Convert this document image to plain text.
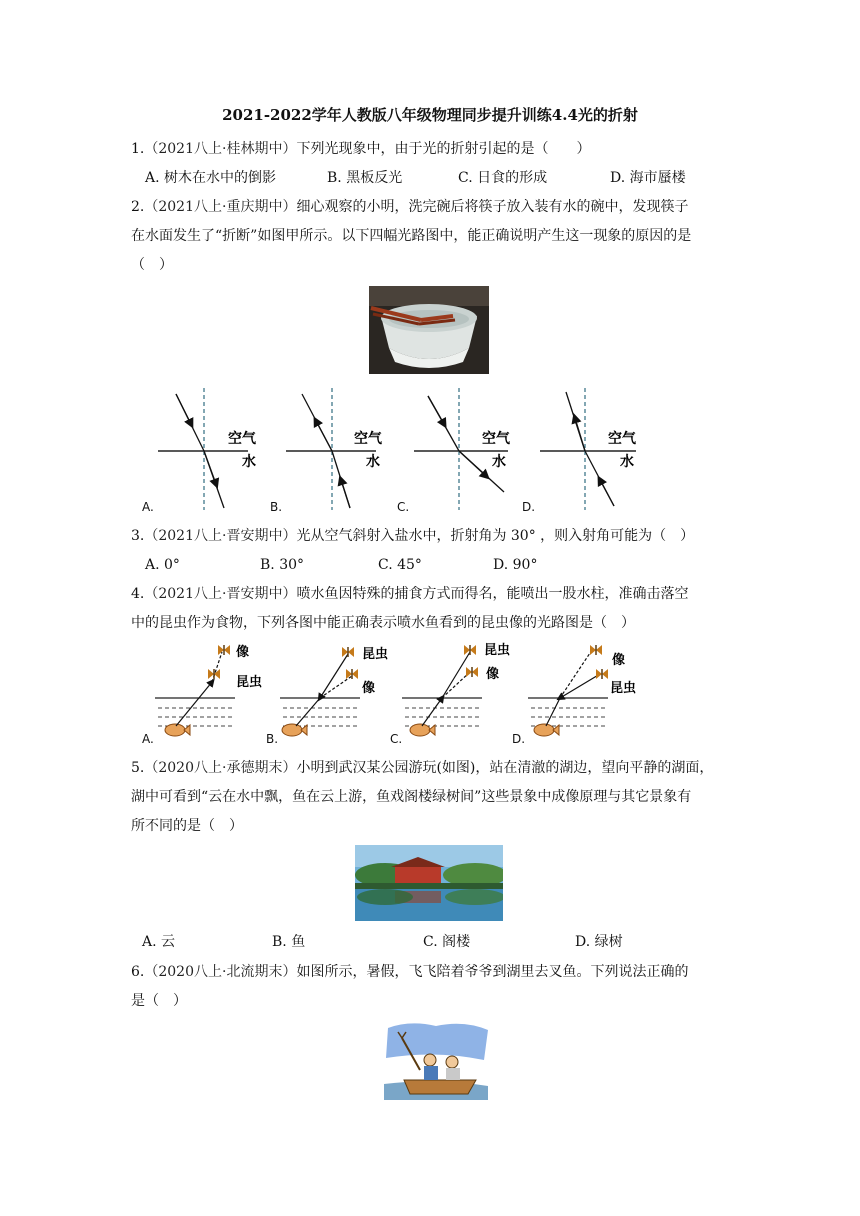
2021-2022学年人教版八年级物理同步提升训练4.4光的折射
1.（2021八上·桂林期中）下列光现象中，由于光的折射引起的是（　　）
A. 树木在水中的倒影	B. 黑板反光	C. 日食的形成	D. 海市蜃楼
2.（2021八上·重庆期中）细心观察的小明，洗完碗后将筷子放入装有水的碗中，发现筷子
在水面发生了“折断”如图甲所示。以下四幅光路图中，能正确说明产生这一现象的原因的是
（　）
空气
水
空气
水
空气
水
空气
水
A.	B.	C.	D.
3.（2021八上·晋安期中）光从空气斜射入盐水中，折射角为 30° ，则入射角可能为（　）
A. 0°	B. 30°	C. 45°	D. 90°
4.（2021八上·晋安期中）喷水鱼因特殊的捕食方式而得名，能喷出一股水柱，准确击落空
中的昆虫作为食物，下列各图中能正确表示喷水鱼看到的昆虫像的光路图是（　）
像
昆虫
昆虫
像
昆虫
像
像
昆虫
A.	B.	C.	D.
5.（2020八上·承德期末）小明到武汉某公园游玩(如图)，站在清澈的湖边，望向平静的湖面，
湖中可看到“云在水中飘，鱼在云上游，鱼戏阁楼绿树间”这些景象中成像原理与其它景象有
所不同的是（　）
A. 云	B. 鱼	C. 阁楼	D. 绿树
6.（2020八上·北流期末）如图所示，暑假，飞飞陪着爷爷到湖里去叉鱼。下列说法正确的
是（　）
